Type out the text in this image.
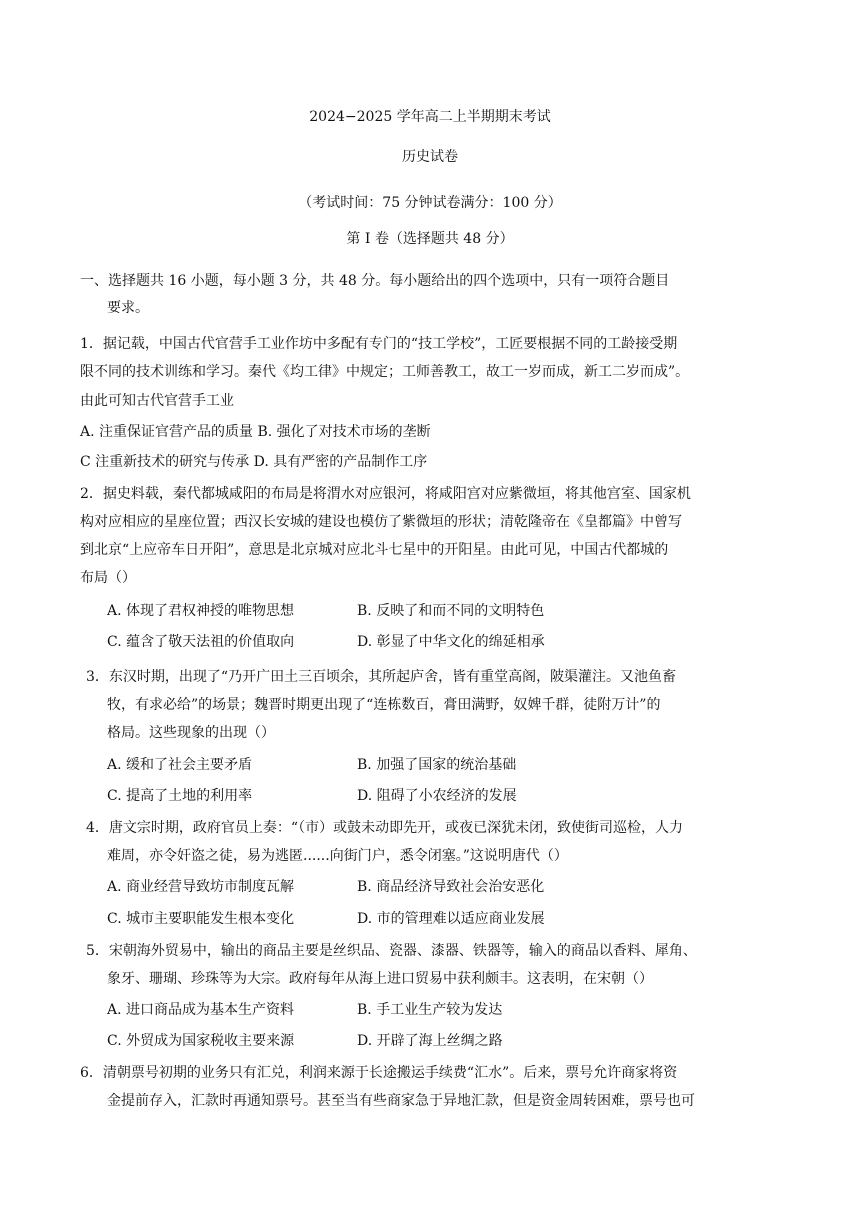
2024−2025 学年高二上半期期末考试
历史试卷
（考试时间：75 分钟试卷满分：100 分）
第 I 卷（选择题共 48 分）
一、选择题共 16 小题，每小题 3 分，共 48 分。每小题给出的四个选项中，只有一项符合题目
要求。
1．据记载，中国古代官营手工业作坊中多配有专门的“技工学校”，工匠要根据不同的工龄接受期
限不同的技术训练和学习。秦代《均工律》中规定；工师善教工，故工一岁而成，新工二岁而成”。
由此可知古代官营手工业
A. 注重保证官营产品的质量 B. 强化了对技术市场的垄断
C 注重新技术的研究与传承 D. 具有严密的产品制作工序
2．据史料载，秦代都城咸阳的布局是将渭水对应银河，将咸阳宫对应紫微垣，将其他宫室、国家机
构对应相应的星座位置；西汉长安城的建设也模仿了紫微垣的形状；清乾隆帝在《皇都篇》中曾写
到北京“上应帝车日开阳”，意思是北京城对应北斗七星中的开阳星。由此可见，中国古代都城的
布局（）
A. 体现了君权神授的唯物思想	B. 反映了和而不同的文明特色
C. 蕴含了敬天法祖的价值取向	D. 彰显了中华文化的绵延相承
3．东汉时期，出现了“乃开广田土三百顷余，其所起庐舍，皆有重堂高阁，陂渠灌注。又池鱼畜
牧，有求必给”的场景；魏晋时期更出现了“连栋数百，膏田满野，奴婢千群，徒附万计”的
格局。这些现象的出现（）
A. 缓和了社会主要矛盾	B. 加强了国家的统治基础
C. 提高了土地的利用率	D. 阻碍了小农经济的发展
4．唐文宗时期，政府官员上奏：“（市）或鼓未动即先开，或夜已深犹未闭，致使街司巡检，人力
难周，亦令奸盗之徒，易为逃匿......向街门户，悉令闭塞。”这说明唐代（）
A. 商业经营导致坊市制度瓦解	B. 商品经济导致社会治安恶化
C. 城市主要职能发生根本变化	D. 市的管理难以适应商业发展
5．宋朝海外贸易中，输出的商品主要是丝织品、瓷器、漆器、铁器等，输入的商品以香料、犀角、
象牙、珊瑚、珍珠等为大宗。政府每年从海上进口贸易中获利颇丰。这表明，在宋朝（）
A. 进口商品成为基本生产资料	B. 手工业生产较为发达
C. 外贸成为国家税收主要来源	D. 开辟了海上丝绸之路
6．清朝票号初期的业务只有汇兑，利润来源于长途搬运手续费“汇水”。后来，票号允许商家将资
金提前存入，汇款时再通知票号。甚至当有些商家急于异地汇款，但是资金周转困难，票号也可
